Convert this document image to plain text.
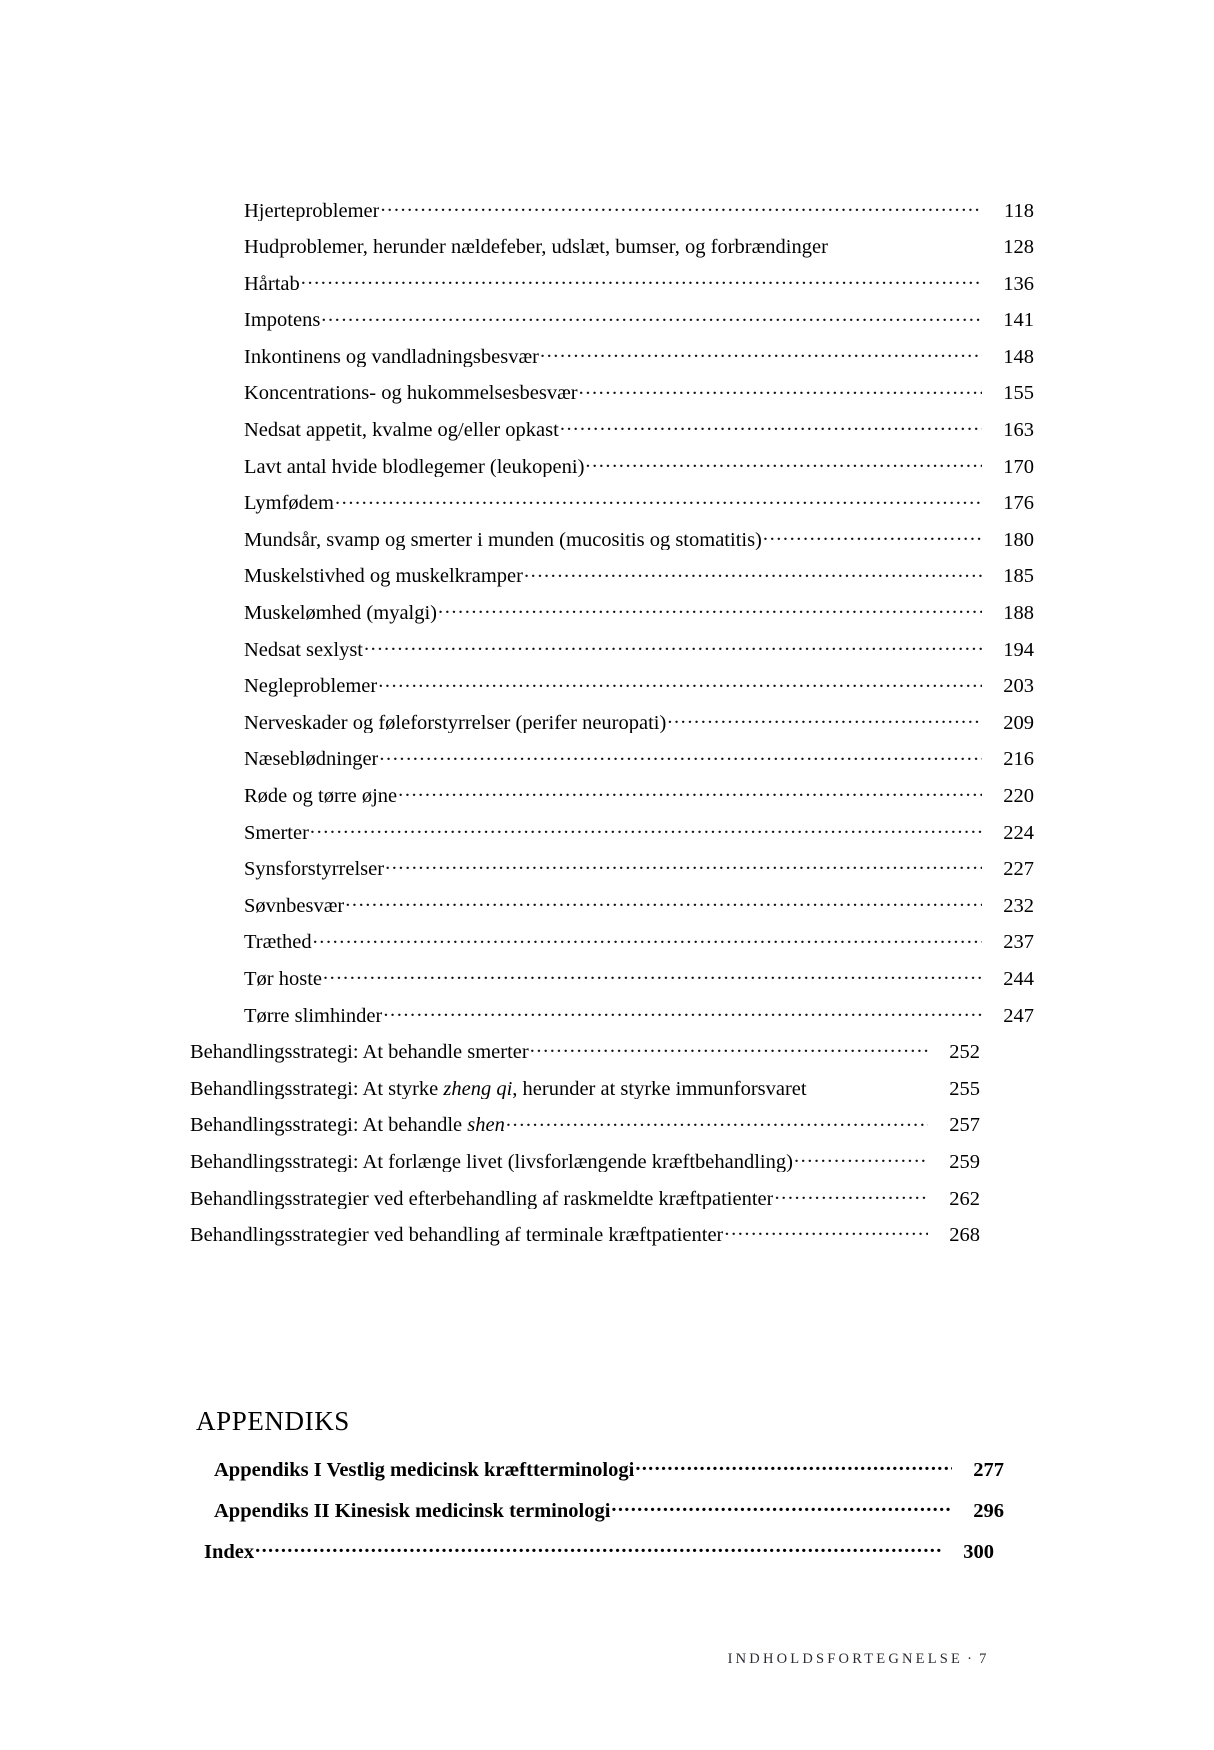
Hjerteproblemer .....	118
Hudproblemer, herunder nældefeber, udslæt, bumser, og forbrændinger	128
Hårtab .....	136
Impotens .....	141
Inkontinens og vandladningsbesvær .....	148
Koncentrations- og hukommelsesbesvær .....	155
Nedsat appetit, kvalme og/eller opkast .....	163
Lavt antal hvide blodlegemer (leukopeni) .....	170
Lymfødem .....	176
Mundsår, svamp og smerter i munden (mucositis og stomatitis) .....	180
Muskelstivhed og muskelkramper .....	185
Muskelømhed (myalgi) .....	188
Nedsat sexlyst .....	194
Negleproblemer .....	203
Nerveskader og føleforstyrrelser (perifer neuropati) .....	209
Næseblødninger .....	216
Røde og tørre øjne .....	220
Smerter .....	224
Synsforstyrrelser .....	227
Søvnbesvær .....	232
Træthed .....	237
Tør hoste .....	244
Tørre slimhinder .....	247
Behandlingsstrategi: At behandle smerter .....	252
Behandlingsstrategi: At styrke zheng qi, herunder at styrke immunforsvaret	255
Behandlingsstrategi: At behandle shen .....	257
Behandlingsstrategi: At forlænge livet (livsforlængende kræftbehandling) .....	259
Behandlingsstrategier ved efterbehandling af raskmeldte kræftpatienter .....	262
Behandlingsstrategier ved behandling af terminale kræftpatienter .....	268
APPENDIKS
Appendiks I Vestlig medicinsk kræftterminologi .....	277
Appendiks II Kinesisk medicinsk terminologi .....	296
Index .....	300
INDHOLDSFORTEGNELSE · 7
